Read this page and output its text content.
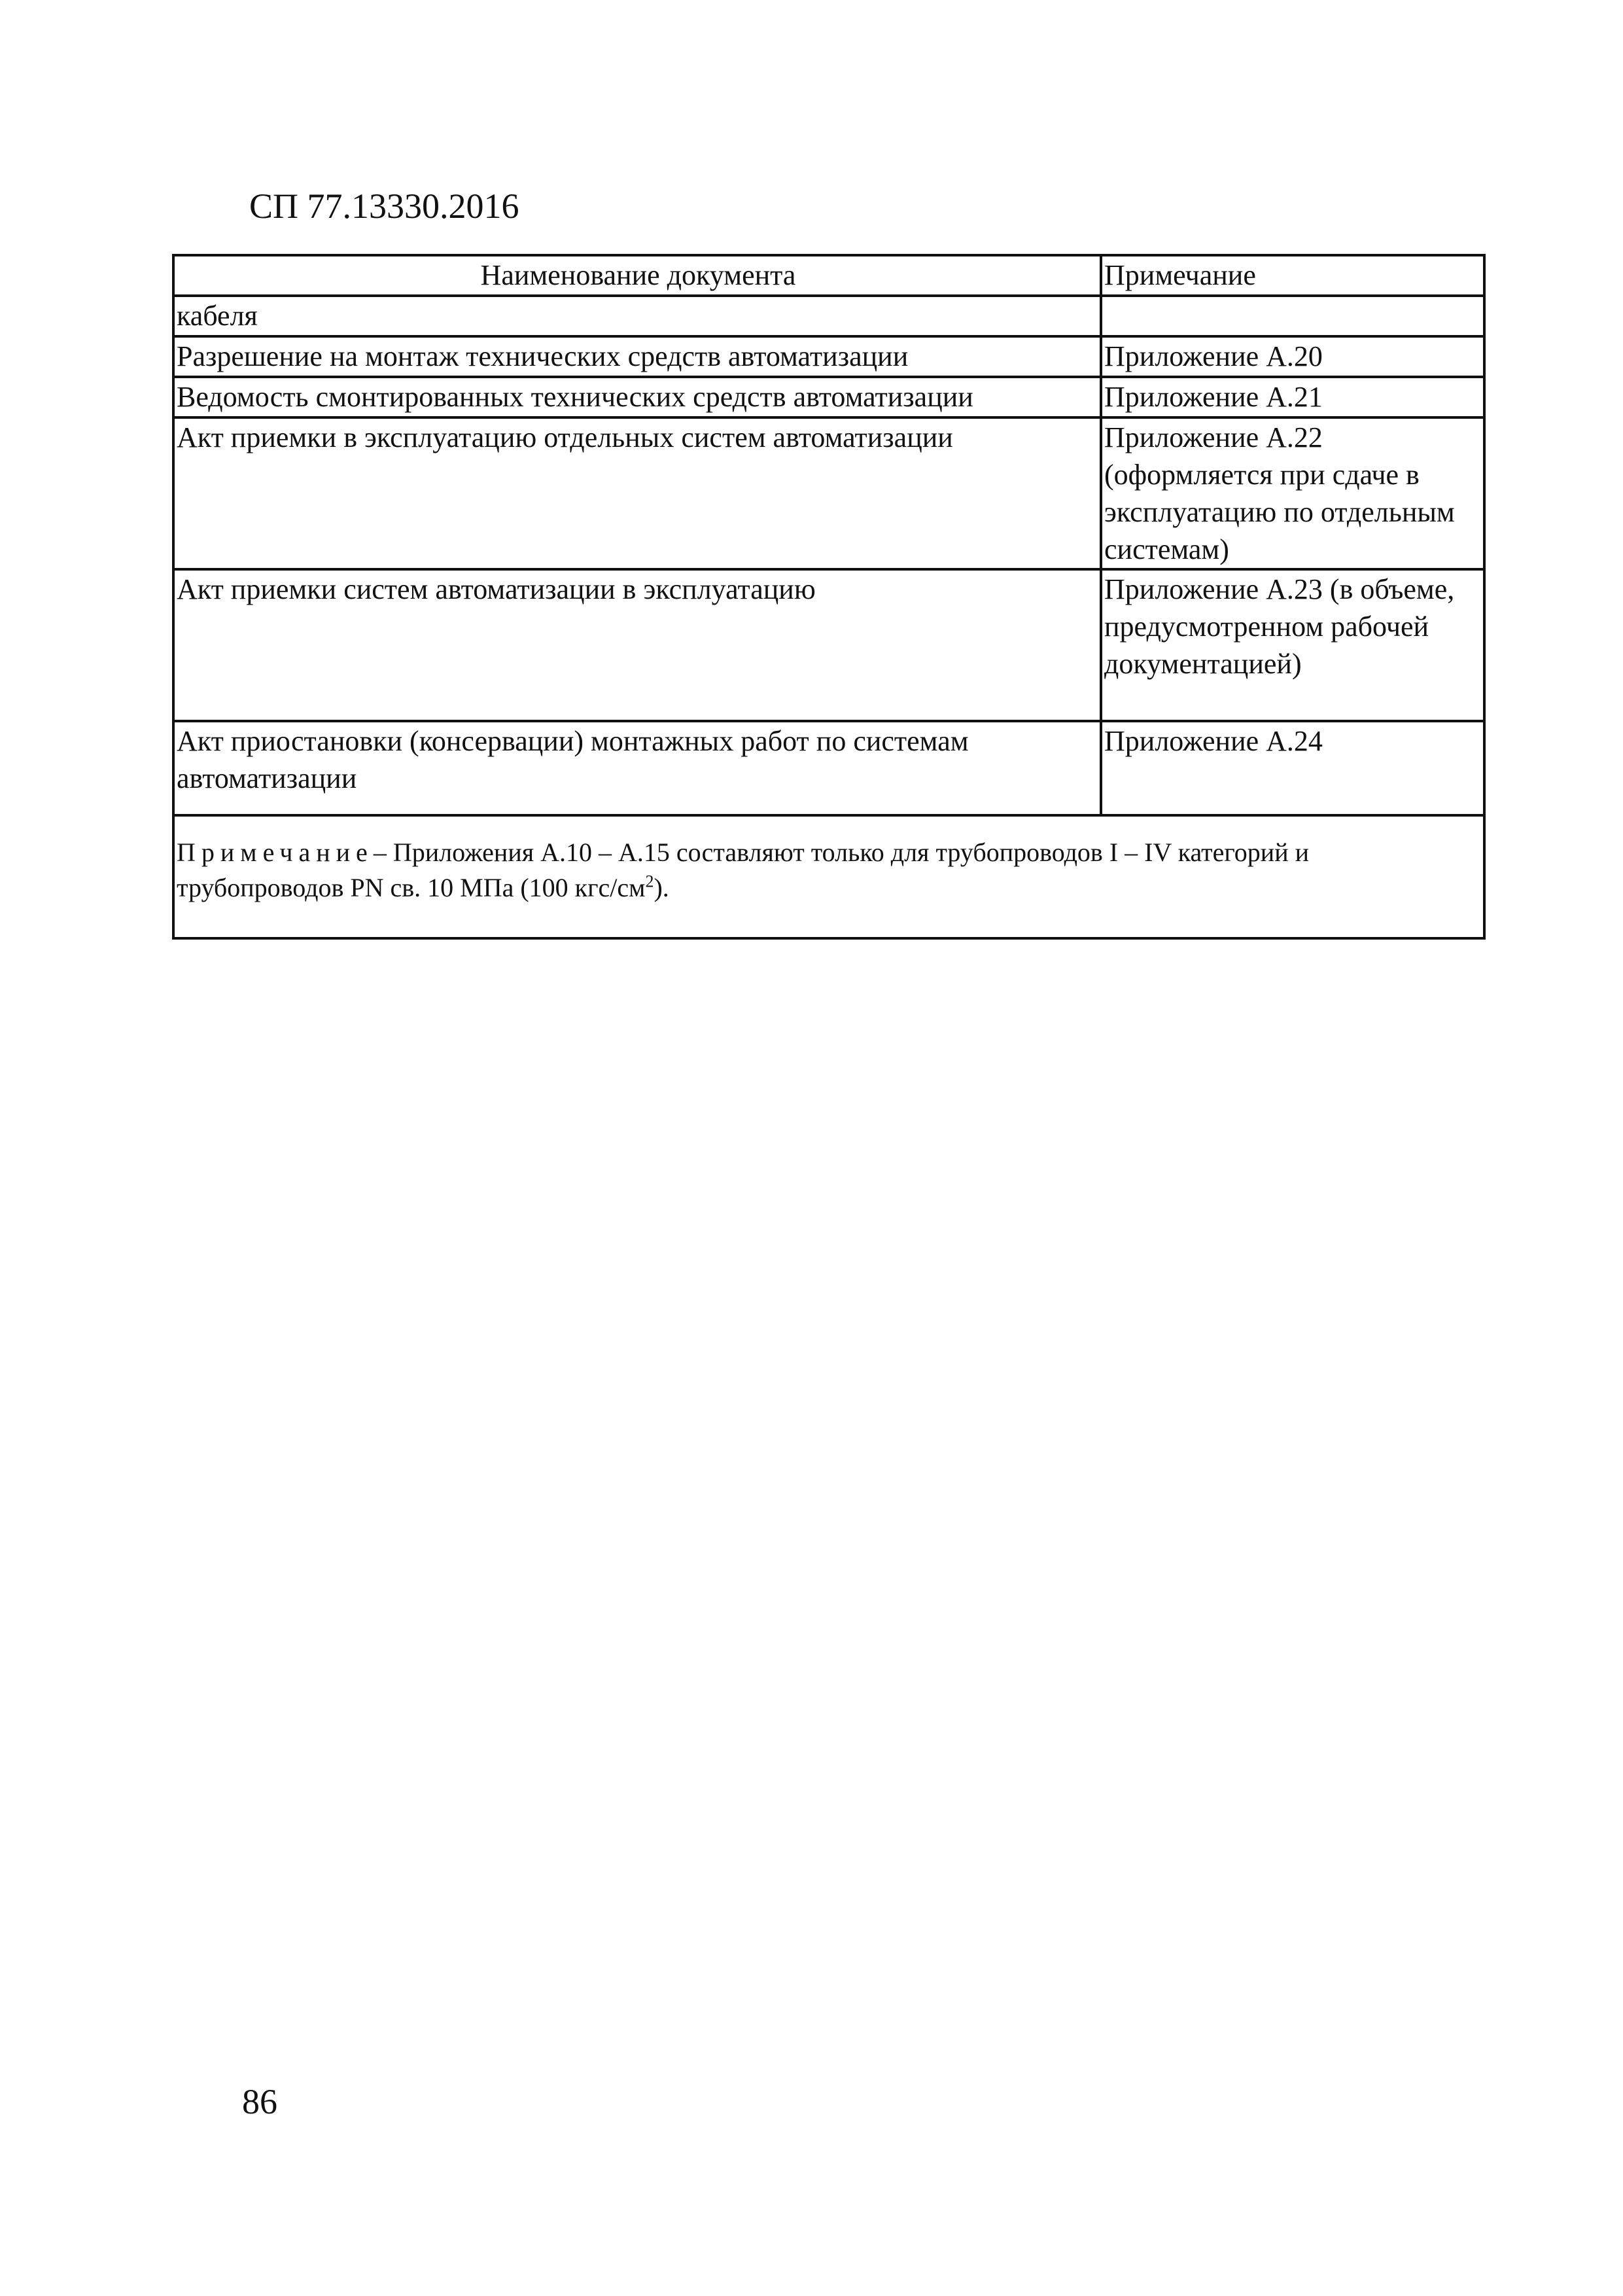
СП 77.13330.2016
Наименование документа	Примечание
кабеля	
Разрешение на монтаж технических средств автоматизации	Приложение А.20
Ведомость смонтированных технических средств автоматизации	Приложение А.21
Акт приемки в эксплуатацию отдельных систем автоматизации	Приложение А.22 (оформляется при сдаче в эксплуатацию по отдельным системам)
Акт приемки систем автоматизации в эксплуатацию	Приложение А.23 (в объеме, предусмотренном рабочей документацией)
Акт приостановки (консервации) монтажных работ по системам автоматизации	Приложение А.24

Примечание– Приложения А.10 – А.15 составляют только для трубопроводов I – IV категорий и
трубопроводов PN св. 10 МПа (100 кгс/$см^2$).	
86
